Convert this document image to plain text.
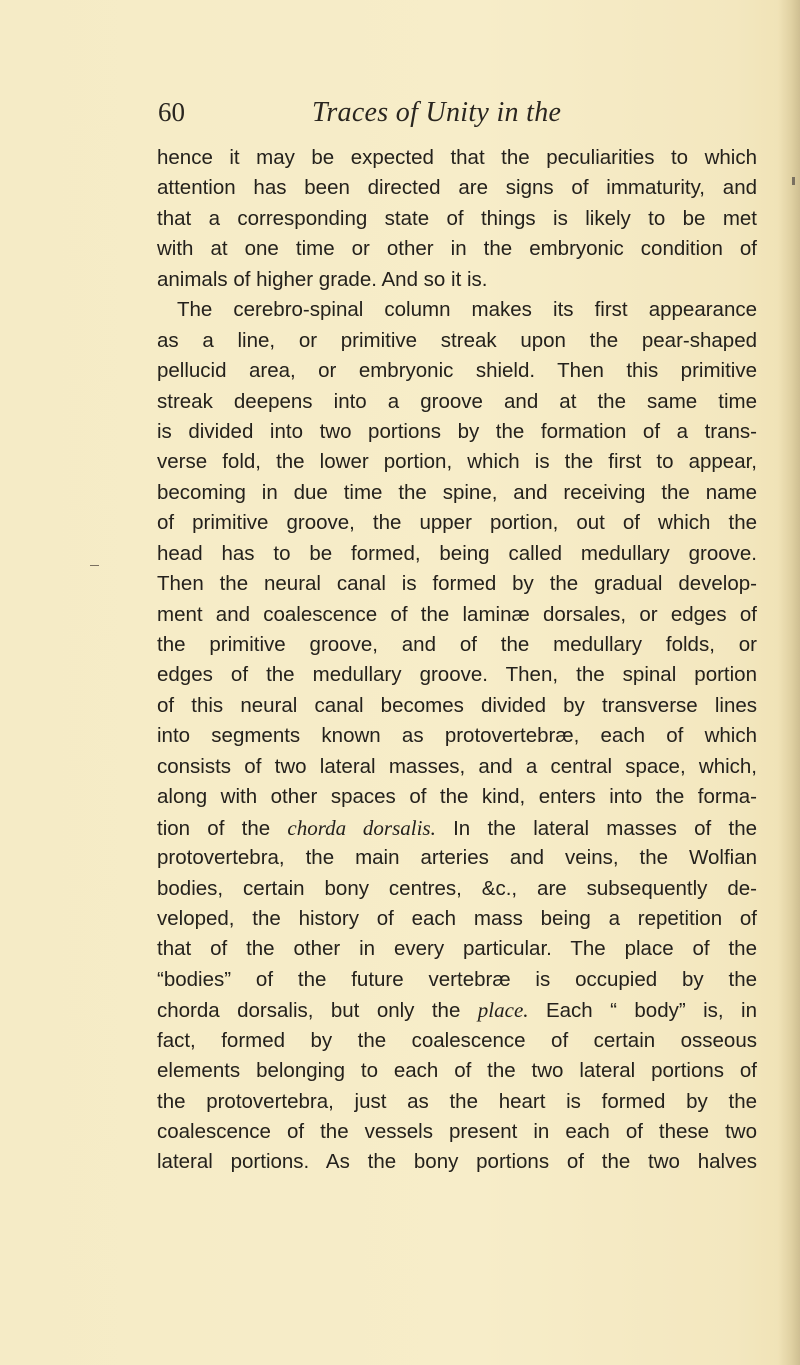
60	Traces of Unity in the
hence it may be expected that the peculiarities to which
attention has been directed are signs of immaturity, and
that a corresponding state of things is likely to be met
with at one time or other in the embryonic condition of
animals of higher grade. And so it is.
The cerebro-spinal column makes its first appearance
as a line, or primitive streak upon the pear-shaped
pellucid area, or embryonic shield. Then this primitive
streak deepens into a groove and at the same time
is divided into two portions by the formation of a trans-
verse fold, the lower portion, which is the first to appear,
becoming in due time the spine, and receiving the name
of primitive groove, the upper portion, out of which the
head has to be formed, being called medullary groove.
Then the neural canal is formed by the gradual develop-
ment and coalescence of the laminæ dorsales, or edges of
the primitive groove, and of the medullary folds, or
edges of the medullary groove. Then, the spinal portion
of this neural canal becomes divided by transverse lines
into segments known as protovertebræ, each of which
consists of two lateral masses, and a central space, which,
along with other spaces of the kind, enters into the forma-
tion of the chorda dorsalis. In the lateral masses of the
protovertebra, the main arteries and veins, the Wolfian
bodies, certain bony centres, &c., are subsequently de-
veloped, the history of each mass being a repetition of
that of the other in every particular. The place of the
“bodies” of the future vertebræ is occupied by the
chorda dorsalis, but only the place. Each “ body” is, in
fact, formed by the coalescence of certain osseous
elements belonging to each of the two lateral portions of
the protovertebra, just as the heart is formed by the
coalescence of the vessels present in each of these two
lateral portions. As the bony portions of the two halves
